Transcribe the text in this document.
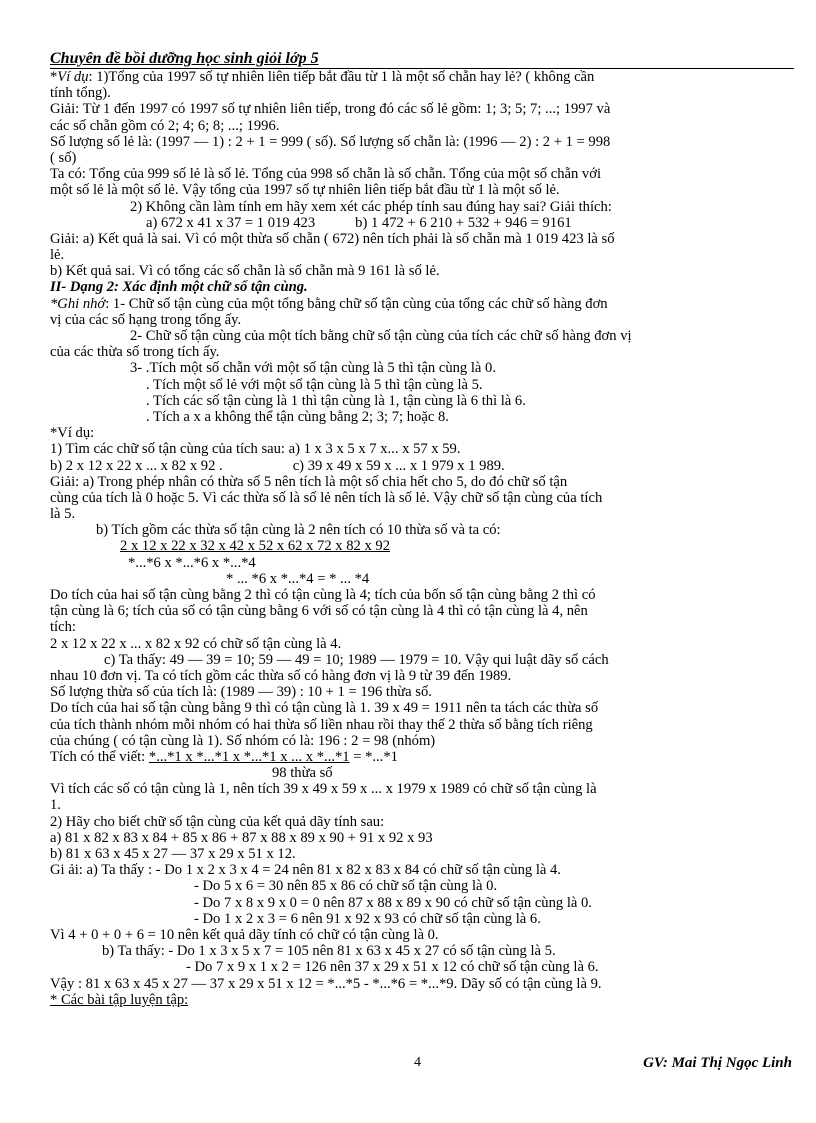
Chuyên đề bồi dưỡng học sinh giỏi lớp 5
*Ví dụ: 1)Tổng của 1997 số tự nhiên liên tiếp bắt đầu từ 1 là một số chẵn hay lẻ? ( không cần
tính tổng).
Giải: Từ 1 đến 1997 có 1997 số tự nhiên liên tiếp, trong đó các số lẻ gồm: 1; 3; 5; 7; ...; 1997 và
các số chẵn gồm có 2; 4; 6; 8; ...; 1996.
Số lượng số lẻ là: (1997 — 1) : 2 + 1 = 999 ( số). Số lượng số chẵn là: (1996 — 2) : 2 + 1 = 998
( số)
Ta có: Tổng của 999 số lẻ là số lẻ. Tổng của 998 số chẵn là số chẵn. Tổng của một số chẵn với
một số lẻ là một số lẻ. Vậy tổng của 1997 số tự nhiên liên tiếp bắt đầu từ 1 là một số lẻ.
2) Không cần làm tính em hãy xem xét các phép tính sau đúng hay sai? Giải thích:
a) 672 x 41 x 37 = 1 019 423	b) 1 472 + 6 210 + 532 + 946 = 9161
Giải: a) Kết quả là sai. Vì có một thừa số chẵn ( 672) nên tích phải là số chẵn mà 1 019 423 là số
lẻ.
b) Kết quả sai. Vì có tổng các số chẵn là số chẵn mà 9 161 là số lẻ.
II- Dạng 2: Xác định một chữ số tận cùng.
*Ghi nhớ: 1- Chữ số tận cùng của một tổng bằng chữ số tận cùng của tổng các chữ số hàng đơn
vị của các số hạng trong tổng ấy.
2- Chữ số tận cùng của một tích bằng chữ số tận cùng của tích các chữ số hàng đơn vị
của các thừa số trong tích ấy.
3- .Tích một số chẵn với một số tận cùng là 5 thì tận cùng là 0.
. Tích một số lẻ với một số tận cùng là 5 thì tận cùng là 5.
. Tích các số tận cùng là 1 thì tận cùng là 1, tận cùng là 6 thì là 6.
. Tích a x a không thể tận cùng bằng 2; 3; 7; hoặc 8.
*Ví dụ:
1) Tìm các chữ số tận cùng của tích sau: a) 1 x 3 x 5 x 7 x... x 57 x 59.
b) 2 x 12 x 22 x ... x 82 x 92 .	c) 39 x 49 x 59 x ... x 1 979 x 1 989.
Giải: a) Trong phép nhân có thừa số 5 nên tích là một số chia hết cho 5, do đó chữ số tận
cùng của tích là 0 hoặc 5. Vì các thừa số là số lẻ nên tích là số lẻ. Vậy chữ số tận cùng của tích
là 5.
b) Tích gồm các thừa số tận cùng là 2 nên tích có 10 thừa số và ta có:
2 x 12 x 22 x 32 x 42 x 52 x 62 x 72 x 82 x 92
*...*6 x *...*6 x *...*4
* ... *6 x *...*4 = * ... *4
Do tích của hai số tận cùng bằng 2 thì có tận cùng là 4; tích của bốn số tận cùng bằng 2 thì có
tận cùng là 6; tích của số có tận cùng bằng 6 với số có tận cùng là 4 thì có tận cùng là 4, nên
tích:
2 x 12 x 22 x ... x 82 x 92 có chữ số tận cùng là 4.
c) Ta thấy: 49 — 39 = 10; 59 — 49 = 10; 1989 — 1979 = 10. Vậy qui luật dãy số cách
nhau 10 đơn vị. Ta có tích gồm các thừa số có hàng đơn vị là 9 từ 39 đến 1989.
Số lượng thừa số của tích là: (1989 — 39) : 10 + 1 = 196 thừa số.
Do tích của hai số tận cùng bằng 9 thì có tận cùng là 1. 39 x 49 = 1911 nên ta tách các thừa số
của tích thành nhóm mỗi nhóm có hai thừa số liền nhau rồi thay thế 2 thừa số bằng tích riêng
của chúng ( có tận cùng là 1). Số nhóm có là: 196 : 2 = 98 (nhóm)
Tích có thể viết: *...*1 x *...*1 x *...*1 x ... x *...*1 = *...*1
98 thừa số
Vì tích các số có tận cùng là 1, nên tích 39 x 49 x 59 x ... x 1979 x 1989 có chữ số tận cùng là
1.
2) Hãy cho biết chữ số tận cùng của kết quả dãy tính sau:
a) 81 x 82 x 83 x 84 + 85 x 86 + 87 x 88 x 89 x 90 + 91 x 92 x 93
b) 81 x 63 x 45 x 27 — 37 x 29 x 51 x 12.
Gi ải: a) Ta thấy : - Do 1 x 2 x 3 x 4 = 24 nên 81 x 82 x 83 x 84 có chữ số tận cùng là 4.
- Do 5 x 6 = 30 nên 85 x 86 có chữ số tận cùng là 0.
- Do 7 x 8 x 9 x 0 = 0 nên 87 x 88 x 89 x 90 có chữ số tận cùng là 0.
- Do 1 x 2 x 3 = 6 nên 91 x 92 x 93 có chữ số tận cùng là 6.
Vì 4 + 0 + 0 + 6 = 10 nên kết quả dãy tính có chữ có tận cùng là 0.
b) Ta thấy: - Do 1 x 3 x 5 x 7 = 105 nên 81 x 63 x 45 x 27 có số tận cùng là 5.
- Do 7 x 9 x 1 x 2 = 126 nên 37 x 29 x 51 x 12 có chữ số tận cùng là 6.
Vậy : 81 x 63 x 45 x 27 — 37 x 29 x 51 x 12 = *...*5 - *...*6 = *...*9. Dãy số có tận cùng là 9.
* Các bài tập luyện tập:
4	GV: Mai Thị Ngọc Linh
